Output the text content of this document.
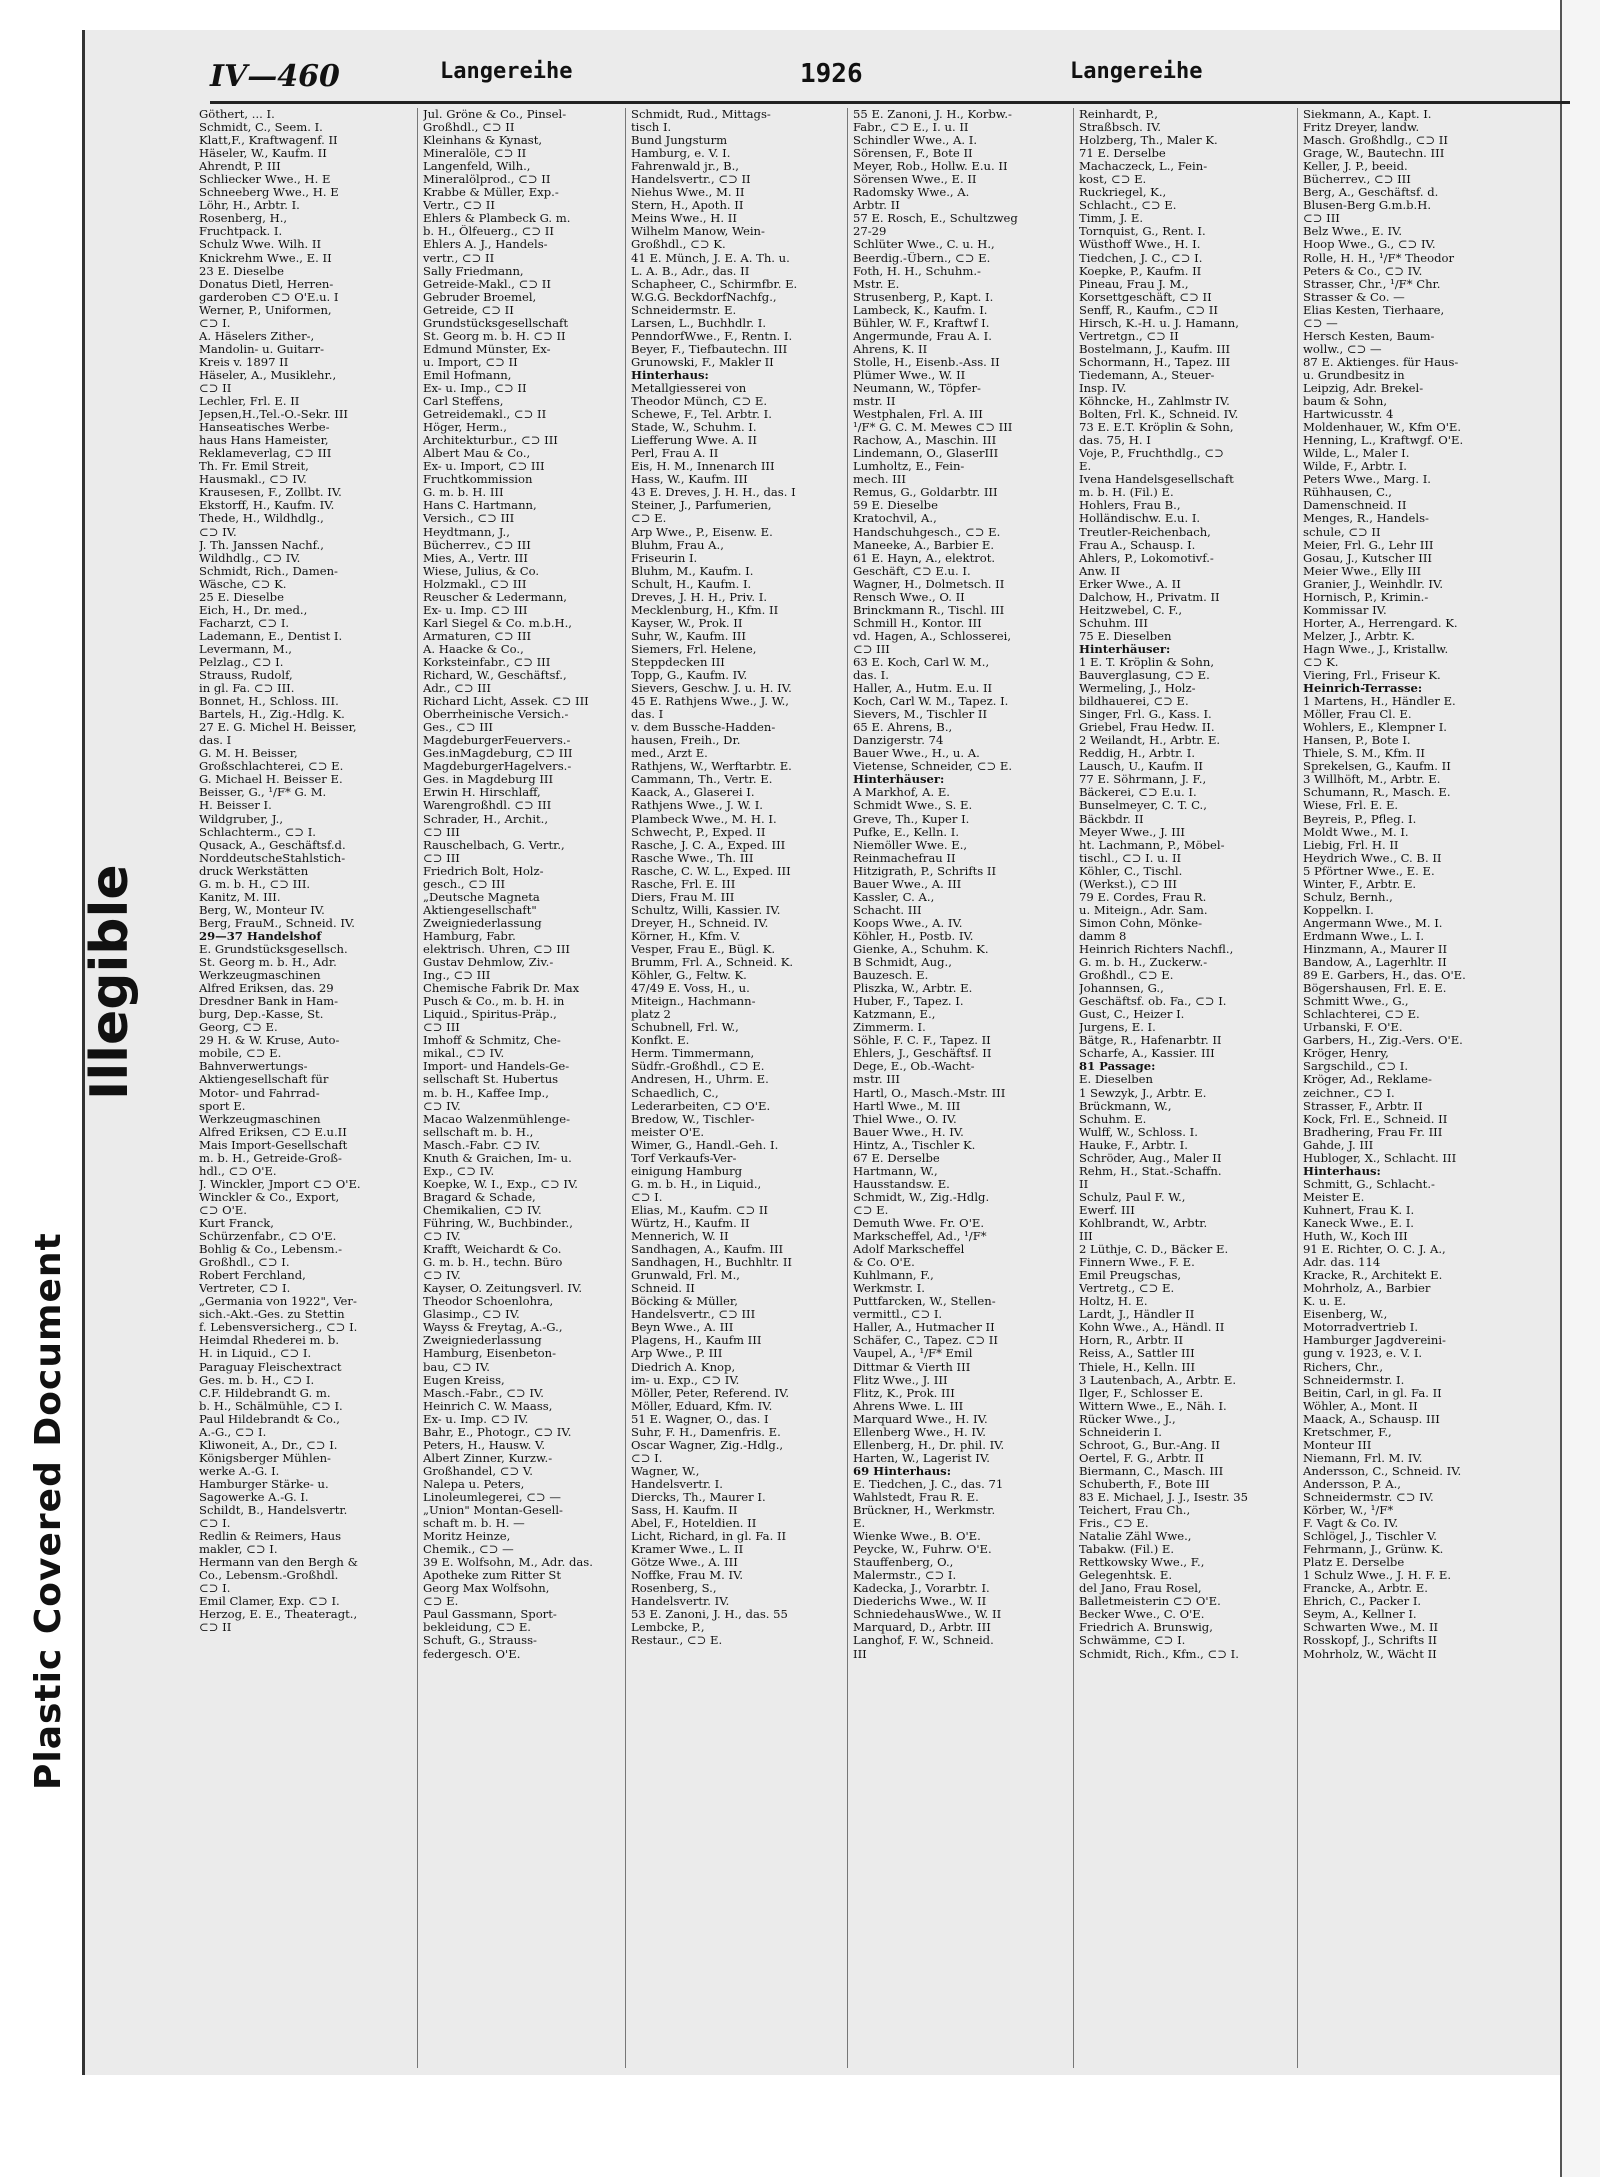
Plastic Covered Document
Illegible
IV—460	Langereihe	1926	Langereihe
Göthert, ... I.
Schmidt, C., Seem. I.
Klatt,F., Kraftwagenf. II
Häseler, W., Kaufm. II
Ahrendt, P. III
Schliecker Wwe., H. E
Schneeberg Wwe., H. E
Löhr, H., Arbtr. I.
Rosenberg, H.,
Fruchtpack. I.
Schulz Wwe. Wilh. II
Knickrehm Wwe., E. II
23 E. Dieselbe
Donatus Dietl, Herren-
garderoben ⊂⊃ O'E.u. I
Werner, P., Uniformen,
⊂⊃ I.
A. Häselers Zither-,
Mandolin- u. Guitarr-
Kreis v. 1897 II
Häseler, A., Musiklehr.,
⊂⊃ II
Lechler, Frl. E. II
Jepsen,H.,Tel.-O.-Sekr. III
Hanseatisches Werbe-
haus Hans Hameister,
Reklameverlag, ⊂⊃ III
Th. Fr. Emil Streit,
Hausmakl., ⊂⊃ IV.
Krausesen, F., Zollbt. IV.
Ekstorff, H., Kaufm. IV.
Thede, H., Wildhdlg.,
⊂⊃ IV.
J. Th. Janssen Nachf.,
Wildhdlg., ⊂⊃ IV.
Schmidt, Rich., Damen-
Wäsche, ⊂⊃ K.
25 E. Dieselbe
Eich, H., Dr. med.,
Facharzt, ⊂⊃ I.
Lademann, E., Dentist I.
Levermann, M.,
Pelzlag., ⊂⊃ I.
Strauss, Rudolf,
in gl. Fa. ⊂⊃ III.
Bonnet, H., Schloss. III.
Bartels, H., Zig.-Hdlg. K.
27 E. G. Michel H. Beisser,
das. I
G. M. H. Beisser,
Großschlachterei, ⊂⊃ E.
G. Michael H. Beisser E.
Beisser, G., ¹/F* G. M.
H. Beisser I.
Wildgruber, J.,
Schlachterm., ⊂⊃ I.
Qusack, A., Geschäftsf.d.
NorddeutscheStahlstich-
druck Werkstätten
G. m. b. H., ⊂⊃ III.
Kanitz, M. III.
Berg, W., Monteur IV.
Berg, FrauM., Schneid. IV.
29—37 Handelshof
E. Grundstücksgesellsch.
St. Georg m. b. H., Adr.
Werkzeugmaschinen
Alfred Eriksen, das. 29
Dresdner Bank in Ham-
burg, Dep.-Kasse, St.
Georg, ⊂⊃ E.
29 H. & W. Kruse, Auto-
mobile, ⊂⊃ E.
Bahnverwertungs-
Aktiengesellschaft für
Motor- und Fahrrad-
sport E.
Werkzeugmaschinen
Alfred Eriksen, ⊂⊃ E.u.II
Mais Import-Gesellschaft
m. b. H., Getreide-Groß-
hdl., ⊂⊃ O'E.
J. Winckler, Jmport ⊂⊃ O'E.
Winckler & Co., Export,
⊂⊃ O'E.
Kurt Franck,
Schürzenfabr., ⊂⊃ O'E.
Bohlig & Co., Lebensm.-
Großhdl., ⊂⊃ I.
Robert Ferchland,
Vertreter, ⊂⊃ I.
„Germania von 1922", Ver-
sich.-Akt.-Ges. zu Stettin
f. Lebensversicherg., ⊂⊃ I.
Heimdal Rhederei m. b.
H. in Liquid., ⊂⊃ I.
Paraguay Fleischextract
Ges. m. b. H., ⊂⊃ I.
C.F. Hildebrandt G. m.
b. H., Schälmühle, ⊂⊃ I.
Paul Hildebrandt & Co.,
A.-G., ⊂⊃ I.
Kliwoneit, A., Dr., ⊂⊃ I.
Königsberger Mühlen-
werke A.-G. I.
Hamburger Stärke- u.
Sagowerke A.-G. I.
Schildt, B., Handelsvertr.
⊂⊃ I.
Redlin & Reimers, Haus
makler, ⊂⊃ I.
Hermann van den Bergh &
Co., Lebensm.-Großhdl.
⊂⊃ I.
Emil Clamer, Exp. ⊂⊃ I.
Herzog, E. E., Theateragt.,
⊂⊃ II
Jul. Gröne & Co., Pinsel-
Großhdl., ⊂⊃ II
Kleinhans & Kynast,
Mineralöle, ⊂⊃ II
Langenfeld, Wilh.,
Mineralölprod., ⊂⊃ II
Krabbe & Müller, Exp.-
Vertr., ⊂⊃ II
Ehlers & Plambeck G. m.
b. H., Ölfeuerg., ⊂⊃ II
Ehlers A. J., Handels-
vertr., ⊂⊃ II
Sally Friedmann,
Getreide-Makl., ⊂⊃ II
Gebruder Broemel,
Getreide, ⊂⊃ II
Grundstücksgesellschaft
St. Georg m. b. H. ⊂⊃ II
Edmund Münster, Ex-
u. Import, ⊂⊃ II
Emil Hofmann,
Ex- u. Imp., ⊂⊃ II
Carl Steffens,
Getreidemakl., ⊂⊃ II
Höger, Herm.,
Architekturbur., ⊂⊃ III
Albert Mau & Co.,
Ex- u. Import, ⊂⊃ III
Fruchtkommission
G. m. b. H. III
Hans C. Hartmann,
Versich., ⊂⊃ III
Heydtmann, J.,
Bücherrev., ⊂⊃ III
Mies, A., Vertr. III
Wiese, Julius, & Co.
Holzmakl., ⊂⊃ III
Reuscher & Ledermann,
Ex- u. Imp. ⊂⊃ III
Karl Siegel & Co. m.b.H.,
Armaturen, ⊂⊃ III
A. Haacke & Co.,
Korksteinfabr., ⊂⊃ III
Richard, W., Geschäftsf.,
Adr., ⊂⊃ III
Richard Licht, Assek. ⊂⊃ III
Oberrheinische Versich.-
Ges., ⊂⊃ III
MagdeburgerFeuervers.-
Ges.inMagdeburg, ⊂⊃ III
MagdeburgerHagelvers.-
Ges. in Magdeburg III
Erwin H. Hirschlaff,
Warengroßhdl. ⊂⊃ III
Schrader, H., Archit.,
⊂⊃ III
Rauschelbach, G. Vertr.,
⊂⊃ III
Friedrich Bolt, Holz-
gesch., ⊂⊃ III
„Deutsche Magneta
Aktiengesellschaft"
Zweigniederlassung
Hamburg, Fabr.
elektrisch. Uhren, ⊂⊃ III
Gustav Dehmlow, Ziv.-
Ing., ⊂⊃ III
Chemische Fabrik Dr. Max
Pusch & Co., m. b. H. in
Liquid., Spiritus-Präp.,
⊂⊃ III
Imhoff & Schmitz, Che-
mikal., ⊂⊃ IV.
Import- und Handels-Ge-
sellschaft St. Hubertus
m. b. H., Kaffee Imp.,
⊂⊃ IV.
Macao Walzenmühlenge-
sellschaft m. b. H.,
Masch.-Fabr. ⊂⊃ IV.
Knuth & Graichen, Im- u.
Exp., ⊂⊃ IV.
Koepke, W. I., Exp., ⊂⊃ IV.
Bragard & Schade,
Chemikalien, ⊂⊃ IV.
Führing, W., Buchbinder.,
⊂⊃ IV.
Krafft, Weichardt & Co.
G. m. b. H., techn. Büro
⊂⊃ IV.
Kayser, O. Zeitungsverl. IV.
Theodor Schoenlohra,
Glasimp., ⊂⊃ IV.
Wayss & Freytag, A.-G.,
Zweigniederlassung
Hamburg, Eisenbeton-
bau, ⊂⊃ IV.
Eugen Kreiss,
Masch.-Fabr., ⊂⊃ IV.
Heinrich C. W. Maass,
Ex- u. Imp. ⊂⊃ IV.
Bahr, E., Photogr., ⊂⊃ IV.
Peters, H., Hausw. V.
Albert Zinner, Kurzw.-
Großhandel, ⊂⊃ V.
Nalepa u. Peters,
Linoleumlegerei, ⊂⊃ —
„Union" Montan-Gesell-
schaft m. b. H. —
Moritz Heinze,
Chemik., ⊂⊃ —
39 E. Wolfsohn, M., Adr. das.
Apotheke zum Ritter St
Georg Max Wolfsohn,
⊂⊃ E.
Paul Gassmann, Sport-
bekleidung, ⊂⊃ E.
Schuft, G., Strauss-
federgesch. O'E.
Schmidt, Rud., Mittags-
tisch I.
Bund Jungsturm
Hamburg, e. V. I.
Fahrenwald jr., B.,
Handelsvertr., ⊂⊃ II
Niehus Wwe., M. II
Stern, H., Apoth. II
Meins Wwe., H. II
Wilhelm Manow, Wein-
Großhdl., ⊂⊃ K.
41 E. Münch, J. E. A. Th. u.
L. A. B., Adr., das. II
Schapheer, C., Schirmfbr. E.
W.G.G. BeckdorfNachfg.,
Schneidermstr. E.
Larsen, L., Buchhdlr. I.
PenndorfWwe., F., Rentn. I.
Beyer, F., Tiefbautechn. III
Grunowski, F., Makler II
Hinterhaus:
Metallgiesserei von
Theodor Münch, ⊂⊃ E.
Schewe, F., Tel. Arbtr. I.
Stade, W., Schuhm. I.
Liefferung Wwe. A. II
Perl, Frau A. II
Eis, H. M., Innenarch III
Hass, W., Kaufm. III
43 E. Dreves, J. H. H., das. I
Steiner, J., Parfumerien,
⊂⊃ E.
Arp Wwe., P., Eisenw. E.
Bluhm, Frau A.,
Friseurin I.
Bluhm, M., Kaufm. I.
Schult, H., Kaufm. I.
Dreves, J. H. H., Priv. I.
Mecklenburg, H., Kfm. II
Kayser, W., Prok. II
Suhr, W., Kaufm. III
Siemers, Frl. Helene,
Steppdecken III
Topp, G., Kaufm. IV.
Sievers, Geschw. J. u. H. IV.
45 E. Rathjens Wwe., J. W.,
das. I
v. dem Bussche-Hadden-
hausen, Freih., Dr.
med., Arzt E.
Rathjens, W., Werftarbtr. E.
Cammann, Th., Vertr. E.
Kaack, A., Glaserei I.
Rathjens Wwe., J. W. I.
Plambeck Wwe., M. H. I.
Schwecht, P., Exped. II
Rasche, J. C. A., Exped. III
Rasche Wwe., Th. III
Rasche, C. W. L., Exped. III
Rasche, Frl. E. III
Diers, Frau M. III
Schultz, Willi, Kassier. IV.
Dreyer, H., Schneid. IV.
Körner, H., Kfm. V.
Vesper, Frau E., Bügl. K.
Brumm, Frl. A., Schneid. K.
Köhler, G., Feltw. K.
47/49 E. Voss, H., u.
Miteign., Hachmann-
platz 2
Schubnell, Frl. W.,
Konfkt. E.
Herm. Timmermann,
Südfr.-Großhdl., ⊂⊃ E.
Andresen, H., Uhrm. E.
Schaedlich, C.,
Lederarbeiten, ⊂⊃ O'E.
Bredow, W., Tischler-
meister O'E.
Wimer, G., Handl.-Geh. I.
Torf Verkaufs-Ver-
einigung Hamburg
G. m. b. H., in Liquid.,
⊂⊃ I.
Elias, M., Kaufm. ⊂⊃ II
Würtz, H., Kaufm. II
Mennerich, W. II
Sandhagen, A., Kaufm. III
Sandhagen, H., Buchhltr. II
Grunwald, Frl. M.,
Schneid. II
Böcking & Müller,
Handelsvertr., ⊂⊃ III
Beyn Wwe., A. III
Plagens, H., Kaufm III
Arp Wwe., P. III
Diedrich A. Knop,
im- u. Exp., ⊂⊃ IV.
Möller, Peter, Referend. IV.
Möller, Eduard, Kfm. IV.
51 E. Wagner, O., das. I
Suhr, F. H., Damenfris. E.
Oscar Wagner, Zig.-Hdlg.,
⊂⊃ I.
Wagner, W.,
Handelsvertr. I.
Diercks, Th., Maurer I.
Sass, H. Kaufm. II
Abel, F., Hoteldien. II
Licht, Richard, in gl. Fa. II
Kramer Wwe., L. II
Götze Wwe., A. III
Noffke, Frau M. IV.
Rosenberg, S.,
Handelsvertr. IV.
53 E. Zanoni, J. H., das. 55
Lembcke, P.,
Restaur., ⊂⊃ E.
55 E. Zanoni, J. H., Korbw.-
Fabr., ⊂⊃ E., I. u. II
Schindler Wwe., A. I.
Sörensen, F., Bote II
Meyer, Rob., Hollw. E.u. II
Sörensen Wwe., E. II
Radomsky Wwe., A.
Arbtr. II
57 E. Rosch, E., Schultzweg
27-29
Schlüter Wwe., C. u. H.,
Beerdig.-Übern., ⊂⊃ E.
Foth, H. H., Schuhm.-
Mstr. E.
Strusenberg, P., Kapt. I.
Lambeck, K., Kaufm. I.
Bühler, W. F., Kraftwf I.
Angermunde, Frau A. I.
Ahrens, K. II
Stolle, H., Eisenb.-Ass. II
Plümer Wwe., W. II
Neumann, W., Töpfer-
mstr. II
Westphalen, Frl. A. III
¹/F* G. C. M. Mewes ⊂⊃ III
Rachow, A., Maschin. III
Lindemann, O., GlaserIII
Lumholtz, E., Fein-
mech. III
Remus, G., Goldarbtr. III
59 E. Dieselbe
Kratochvil, A.,
Handschuhgesch., ⊂⊃ E.
Maneeke, A., Barbier E.
61 E. Hayn, A., elektrot.
Geschäft, ⊂⊃ E.u. I.
Wagner, H., Dolmetsch. II
Rensch Wwe., O. II
Brinckmann R., Tischl. III
Schmill H., Kontor. III
vd. Hagen, A., Schlosserei,
⊂⊃ III
63 E. Koch, Carl W. M.,
das. I.
Haller, A., Hutm. E.u. II
Koch, Carl W. M., Tapez. I.
Sievers, M., Tischler II
65 E. Ahrens, B.,
Danzigerstr. 74
Bauer Wwe., H., u. A.
Vietense, Schneider, ⊂⊃ E.
Hinterhäuser:
A Markhof, A. E.
Schmidt Wwe., S. E.
Greve, Th., Kuper I.
Pufke, E., Kelln. I.
Niemöller Wwe. E.,
Reinmachefrau II
Hitzigrath, P., Schrifts II
Bauer Wwe., A. III
Kassler, C. A.,
Schacht. III
Koops Wwe., A. IV.
Köhler, H., Postb. IV.
Gienke, A., Schuhm. K.
B Schmidt, Aug.,
Bauzesch. E.
Pliszka, W., Arbtr. E.
Huber, F., Tapez. I.
Katzmann, E.,
Zimmerm. I.
Söhle, F. C. F., Tapez. II
Ehlers, J., Geschäftsf. II
Dege, E., Ob.-Wacht-
mstr. III
Hartl, O., Masch.-Mstr. III
Hartl Wwe., M. III
Thiel Wwe., O. IV.
Bauer Wwe., H. IV.
Hintz, A., Tischler K.
67 E. Derselbe
Hartmann, W.,
Hausstandsw. E.
Schmidt, W., Zig.-Hdlg.
⊂⊃ E.
Demuth Wwe. Fr. O'E.
Markscheffel, Ad., ¹/F*
Adolf Markscheffel
& Co. O'E.
Kuhlmann, F.,
Werkmstr. I.
Puttfarcken, W., Stellen-
vermittl., ⊂⊃ I.
Haller, A., Hutmacher II
Schäfer, C., Tapez. ⊂⊃ II
Vaupel, A., ¹/F* Emil
Dittmar & Vierth III
Flitz Wwe., J. III
Flitz, K., Prok. III
Ahrens Wwe. L. III
Marquard Wwe., H. IV.
Ellenberg Wwe., H. IV.
Ellenberg, H., Dr. phil. IV.
Harten, W., Lagerist IV.
69 Hinterhaus:
E. Tiedchen, J. C., das. 71
Wahlstedt, Frau R. E.
Brückner, H., Werkmstr.
E.
Wienke Wwe., B. O'E.
Peycke, W., Fuhrw. O'E.
Stauffenberg, O.,
Malermstr., ⊂⊃ I.
Kadecka, J., Vorarbtr. I.
Diederichs Wwe., W. II
SchniedehausWwe., W. II
Marquard, D., Arbtr. III
Langhof, F. W., Schneid.
III
Reinhardt, P.,
Straßbsch. IV.
Holzberg, Th., Maler K.
71 E. Derselbe
Machaczeck, L., Fein-
kost, ⊂⊃ E.
Ruckriegel, K.,
Schlacht., ⊂⊃ E.
Timm, J. E.
Tornquist, G., Rent. I.
Wüsthoff Wwe., H. I.
Tiedchen, J. C., ⊂⊃ I.
Koepke, P., Kaufm. II
Pineau, Frau J. M.,
Korsettgeschäft, ⊂⊃ II
Senff, R., Kaufm., ⊂⊃ II
Hirsch, K.-H. u. J. Hamann,
Vertretgn., ⊂⊃ II
Bostelmann, J., Kaufm. III
Schormann, H., Tapez. III
Tiedemann, A., Steuer-
Insp. IV.
Köhncke, H., Zahlmstr IV.
Bolten, Frl. K., Schneid. IV.
73 E. E.T. Kröplin & Sohn,
das. 75, H. I
Voje, P., Fruchthdlg., ⊂⊃
E.
Ivena Handelsgesellschaft
m. b. H. (Fil.) E.
Hohlers, Frau B.,
Holländischw. E.u. I.
Treutler-Reichenbach,
Frau A., Schausp. I.
Ahlers, P., Lokomotivf.-
Anw. II
Erker Wwe., A. II
Dalchow, H., Privatm. II
Heitzwebel, C. F.,
Schuhm. III
75 E. Dieselben
Hinterhäuser:
1 E. T. Kröplin & Sohn,
Bauverglasung, ⊂⊃ E.
Wermeling, J., Holz-
bildhauerei, ⊂⊃ E.
Singer, Frl. G., Kass. I.
Griebel, Frau Hedw. II.
2 Weilandt, H., Arbtr. E.
Reddig, H., Arbtr. I.
Lausch, U., Kaufm. II
77 E. Söhrmann, J. F.,
Bäckerei, ⊂⊃ E.u. I.
Bunselmeyer, C. T. C.,
Bäckbdr. II
Meyer Wwe., J. III
ht. Lachmann, P., Möbel-
tischl., ⊂⊃ I. u. II
Köhler, C., Tischl.
(Werkst.), ⊂⊃ III
79 E. Cordes, Frau R.
u. Miteign., Adr. Sam.
Simon Cohn, Mönke-
damm 8
Heinrich Richters Nachfl.,
G. m. b. H., Zuckerw.-
Großhdl., ⊂⊃ E.
Johannsen, G.,
Geschäftsf. ob. Fa., ⊂⊃ I.
Gust, C., Heizer I.
Jurgens, E. I.
Bätge, R., Hafenarbtr. II
Scharfe, A., Kassier. III
81 Passage:
E. Dieselben
1 Sewzyk, J., Arbtr. E.
Brückmann, W.,
Schuhm. E.
Wulff, W., Schloss. I.
Hauke, F., Arbtr. I.
Schröder, Aug., Maler II
Rehm, H., Stat.-Schaffn.
II
Schulz, Paul F. W.,
Ewerf. III
Kohlbrandt, W., Arbtr.
III
2 Lüthje, C. D., Bäcker E.
Finnern Wwe., F. E.
Emil Preugschas,
Vertretg., ⊂⊃ E.
Holtz, H. E.
Lardt, J., Händler II
Kohn Wwe., A., Händl. II
Horn, R., Arbtr. II
Reiss, A., Sattler III
Thiele, H., Kelln. III
3 Lautenbach, A., Arbtr. E.
Ilger, F., Schlosser E.
Wittern Wwe., E., Näh. I.
Rücker Wwe., J.,
Schneiderin I.
Schroot, G., Bur.-Ang. II
Oertel, F. G., Arbtr. II
Biermann, C., Masch. III
Schuberth, F., Bote III
83 E. Michael, J. J., Isestr. 35
Teichert, Frau Ch.,
Fris., ⊂⊃ E.
Natalie Zähl Wwe.,
Tabakw. (Fil.) E.
Rettkowsky Wwe., F.,
Gelegenhtsk. E.
del Jano, Frau Rosel,
Balletmeisterin ⊂⊃ O'E.
Becker Wwe., C. O'E.
Friedrich A. Brunswig,
Schwämme, ⊂⊃ I.
Schmidt, Rich., Kfm., ⊂⊃ I.
Siekmann, A., Kapt. I.
Fritz Dreyer, landw.
Masch. Großhdlg., ⊂⊃ II
Grage, W., Bautechn. III
Keller, J. P., beeid.
Bücherrev., ⊂⊃ III
Berg, A., Geschäftsf. d.
Blusen-Berg G.m.b.H.
⊂⊃ III
Belz Wwe., E. IV.
Hoop Wwe., G., ⊂⊃ IV.
Rolle, H. H., ¹/F* Theodor
Peters & Co., ⊂⊃ IV.
Strasser, Chr., ¹/F* Chr.
Strasser & Co. —
Elias Kesten, Tierhaare,
⊂⊃ —
Hersch Kesten, Baum-
wollw., ⊂⊃ —
87 E. Aktienges. für Haus-
u. Grundbesitz in
Leipzig, Adr. Brekel-
baum & Sohn,
Hartwicusstr. 4
Moldenhauer, W., Kfm O'E.
Henning, L., Kraftwgf. O'E.
Wilde, L., Maler I.
Wilde, F., Arbtr. I.
Peters Wwe., Marg. I.
Rühhausen, C.,
Damenschneid. II
Menges, R., Handels-
schule, ⊂⊃ II
Meier, Frl. G., Lehr III
Gosau, J., Kutscher III
Meier Wwe., Elly III
Granier, J., Weinhdlr. IV.
Hornisch, P., Krimin.-
Kommissar IV.
Horter, A., Herrengard. K.
Melzer, J., Arbtr. K.
Hagn Wwe., J., Kristallw.
⊂⊃ K.
Viering, Frl., Friseur K.
Heinrich-Terrasse:
1 Martens, H., Händler E.
Möller, Frau Cl. E.
Wohlers, E., Klempner I.
Hansen, P., Bote I.
Thiele, S. M., Kfm. II
Sprekelsen, G., Kaufm. II
3 Willhöft, M., Arbtr. E.
Schumann, R., Masch. E.
Wiese, Frl. E. E.
Beyreis, P., Pfleg. I.
Moldt Wwe., M. I.
Liebig, Frl. H. II
Heydrich Wwe., C. B. II
5 Pförtner Wwe., E. E.
Winter, F., Arbtr. E.
Schulz, Bernh.,
Koppelkn. I.
Angermann Wwe., M. I.
Erdmann Wwe., L. I.
Hinzmann, A., Maurer II
Bandow, A., Lagerhltr. II
89 E. Garbers, H., das. O'E.
Bögershausen, Frl. E. E.
Schmitt Wwe., G.,
Schlachterei, ⊂⊃ E.
Urbanski, F. O'E.
Garbers, H., Zig.-Vers. O'E.
Kröger, Henry,
Sargschild., ⊂⊃ I.
Kröger, Ad., Reklame-
zeichner., ⊂⊃ I.
Strasser, F., Arbtr. II
Kock, Frl. E., Schneid. II
Bradhering, Frau Fr. III
Gahde, J. III
Hubloger, X., Schlacht. III
Hinterhaus:
Schmitt, G., Schlacht.-
Meister E.
Kuhnert, Frau K. I.
Kaneck Wwe., E. I.
Huth, W., Koch III
91 E. Richter, O. C. J. A.,
Adr. das. 114
Kracke, R., Architekt E.
Mohrholz, A., Barbier
K. u. E.
Eisenberg, W.,
Motorradvertrieb I.
Hamburger Jagdvereini-
gung v. 1923, e. V. I.
Richers, Chr.,
Schneidermstr. I.
Beitin, Carl, in gl. Fa. II
Wöhler, A., Mont. II
Maack, A., Schausp. III
Kretschmer, F.,
Monteur III
Niemann, Frl. M. IV.
Andersson, C., Schneid. IV.
Andersson, P. A.,
Schneidermstr. ⊂⊃ IV.
Körber, W., ¹/F*
F. Vagt & Co. IV.
Schlögel, J., Tischler V.
Fehrmann, J., Grünw. K.
Platz E. Derselbe
1 Schulz Wwe., J. H. F. E.
Francke, A., Arbtr. E.
Ehrich, C., Packer I.
Seym, A., Kellner I.
Schwarten Wwe., M. II
Rosskopf, J., Schrifts II
Mohrholz, W., Wächt II
